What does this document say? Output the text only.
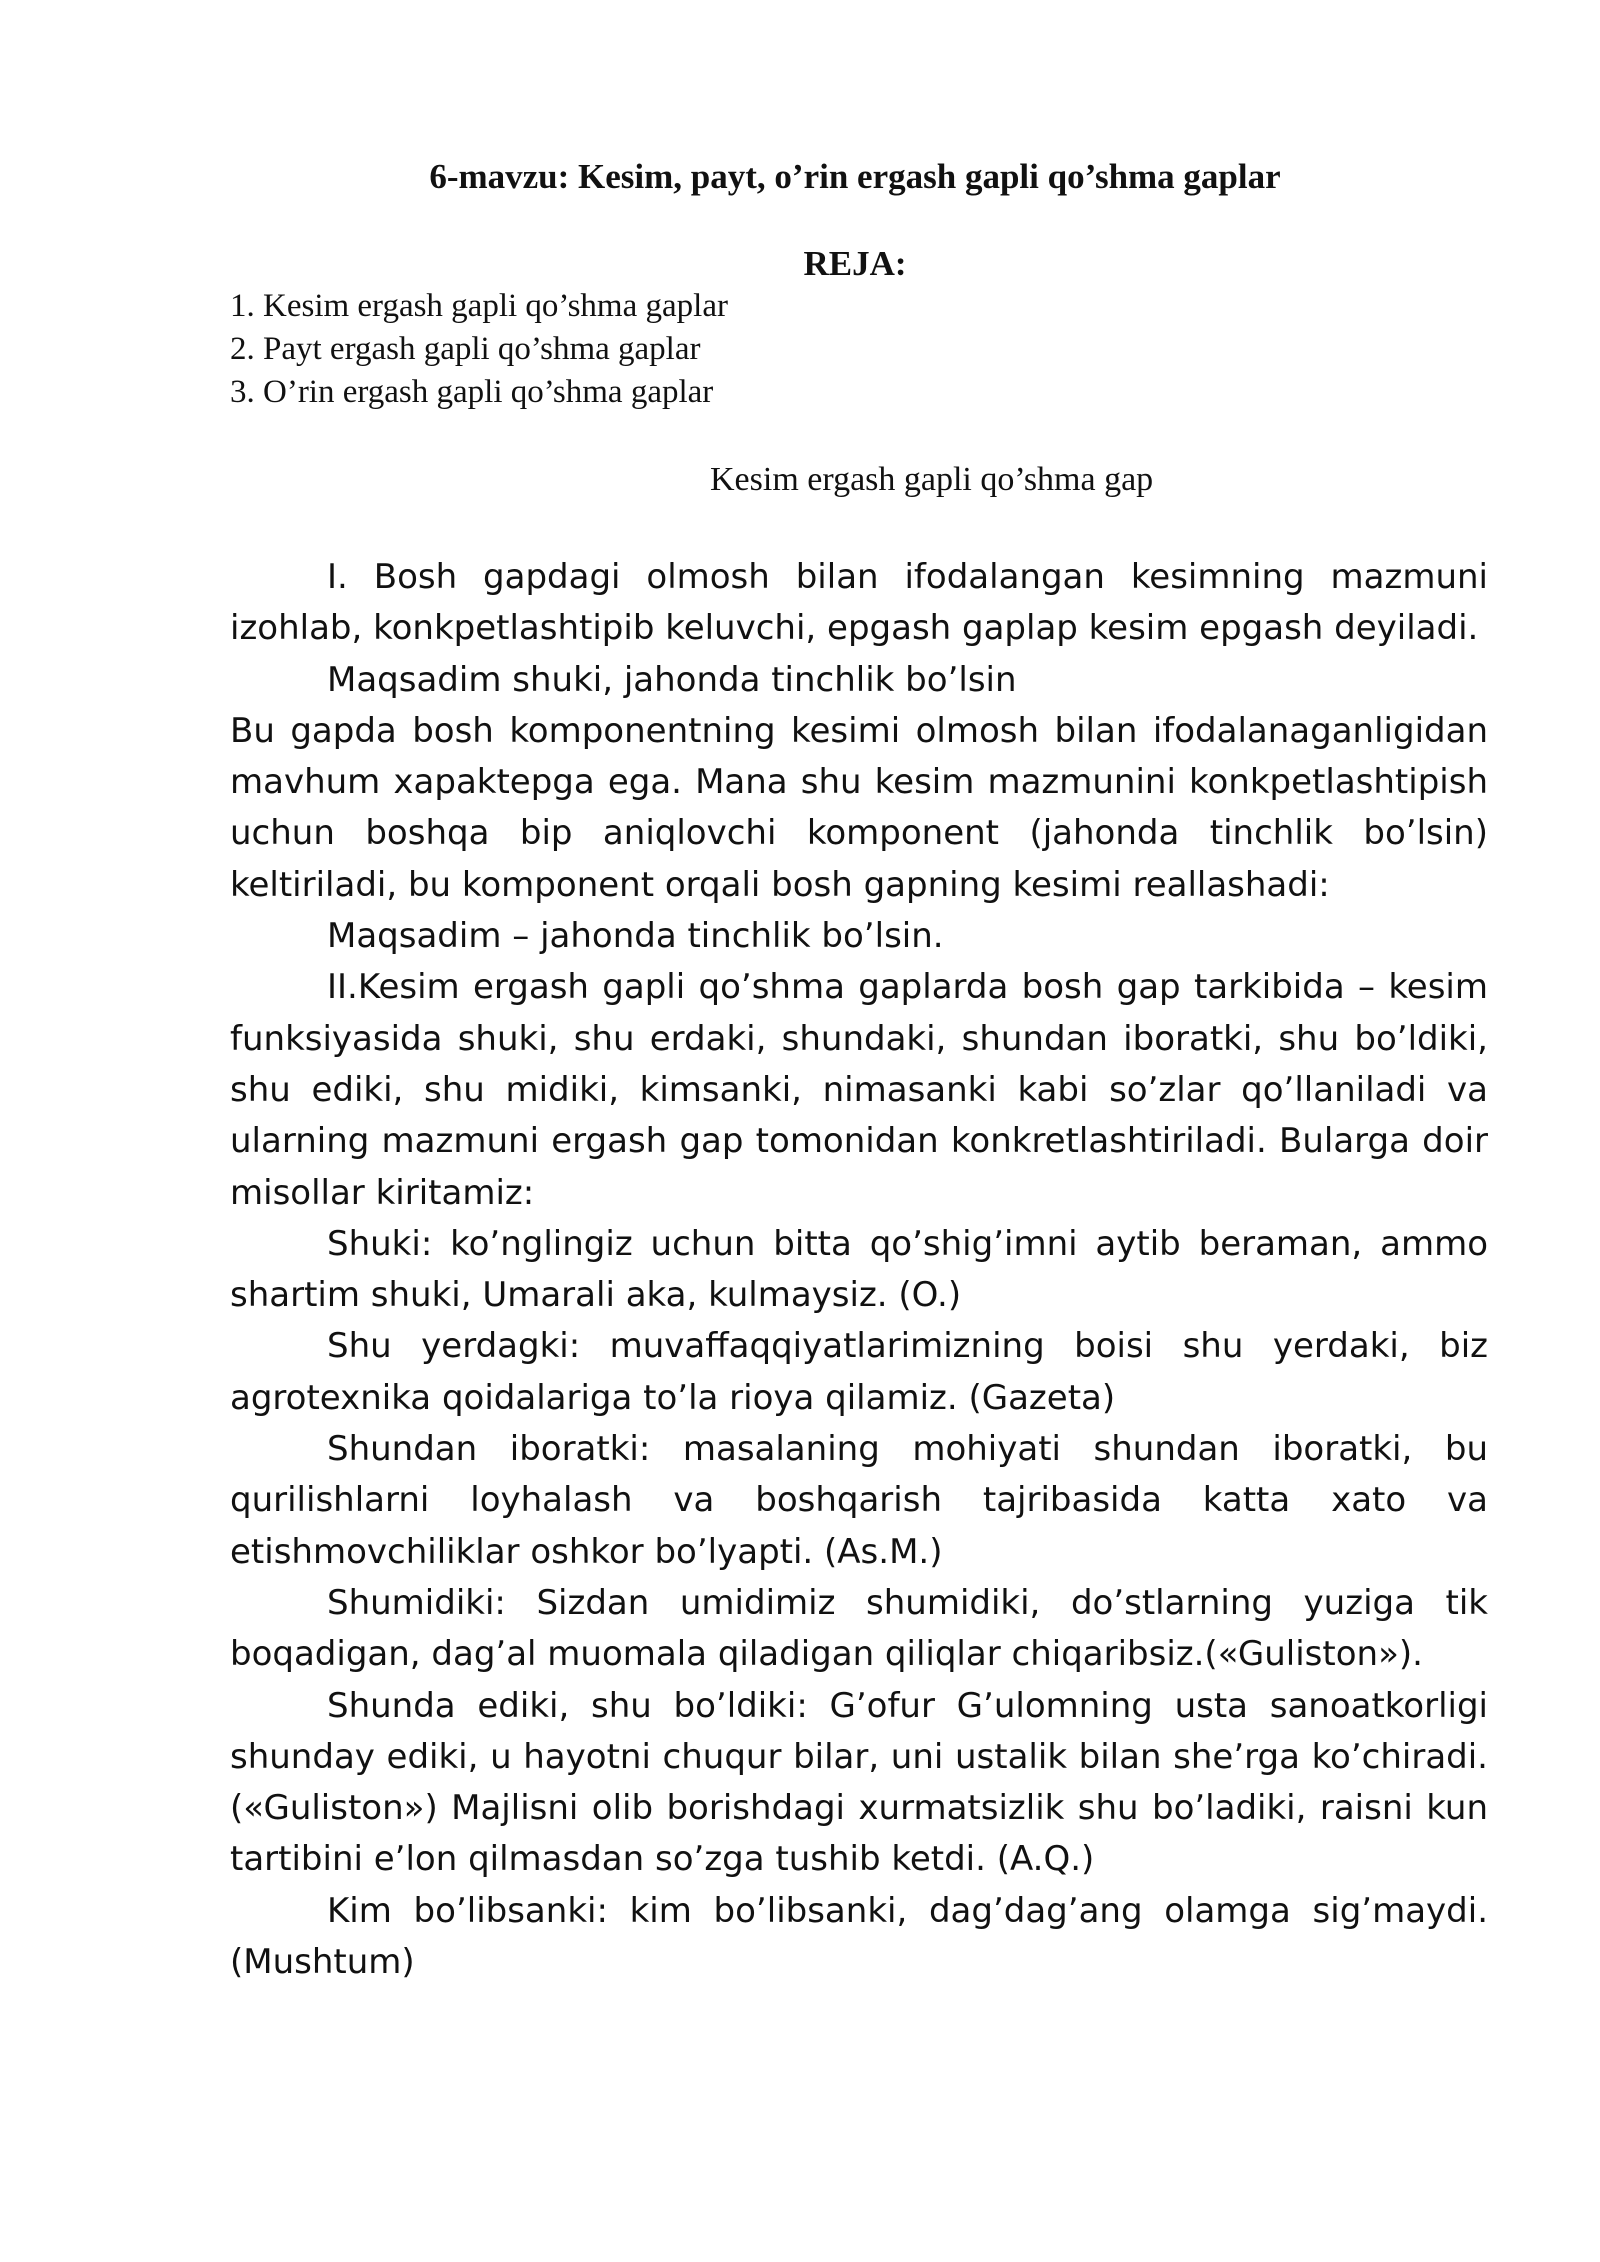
6-mavzu: Kesim, payt, o’rin ergash gapli qo’shma gaplar
REJA:
1. Kesim ergash gapli qo’shma gaplar
2. Payt ergash gapli qo’shma gaplar
3. O’rin ergash gapli qo’shma gaplar
Kesim ergash gapli qo’shma gap

I. Bosh gapdagi olmosh bilan ifodalangan kesimning mazmuni izohlab, konkpetlashtipib keluvchi, epgash gaplap kesim epgash deyiladi.

Maqsadim shuki, jahonda tinchlik bo’lsin

Bu gapda bosh komponentning kesimi olmosh bilan ifodalanaganligidan mavhum xapaktepga ega. Mana shu kesim mazmunini konkpetlashtipish uchun boshqa bip aniqlovchi komponent (jahonda tinchlik bo’lsin) keltiriladi, bu komponent orqali bosh gapning kesimi reallashadi:

Maqsadim – jahonda tinchlik bo’lsin.

II.Kesim ergash gapli qo’shma gaplarda bosh gap tarkibida – kesim funksiyasida shuki, shu erdaki, shundaki, shundan iboratki, shu bo’ldiki, shu ediki, shu midiki, kimsanki, nimasanki kabi so’zlar qo’llaniladi va ularning mazmuni ergash gap tomonidan konkretlashtiriladi. Bularga doir misollar kiritamiz:

Shuki: ko’nglingiz uchun bitta qo’shig’imni aytib beraman, ammo shartim shuki, Umarali aka, kulmaysiz. (O.)

Shu yerdagki: muvaffaqqiyatlarimizning boisi shu yerdaki, biz agrotexnika qoidalariga to’la rioya qilamiz. (Gazeta)

Shundan iboratki: masalaning mohiyati shundan iboratki, bu qurilishlarni loyhalash va boshqarish tajribasida katta xato va etishmovchiliklar oshkor bo’lyapti. (As.M.)

Shumidiki: Sizdan umidimiz shumidiki, do’stlarning yuziga tik boqadigan, dag’al muomala qiladigan qiliqlar chiqaribsiz.(«Guliston»).

Shunda ediki, shu bo’ldiki: G’ofur G’ulomning usta sanoatkorligi shunday ediki, u hayotni chuqur bilar, uni ustalik bilan she’rga ko’chiradi. («Guliston») Majlisni olib borishdagi xurmatsizlik shu bo’ladiki, raisni kun tartibini e’lon qilmasdan so’zga tushib ketdi. (A.Q.)

Kim bo’libsanki: kim bo’libsanki, dag’dag’ang olamga sig’maydi. (Mushtum)
